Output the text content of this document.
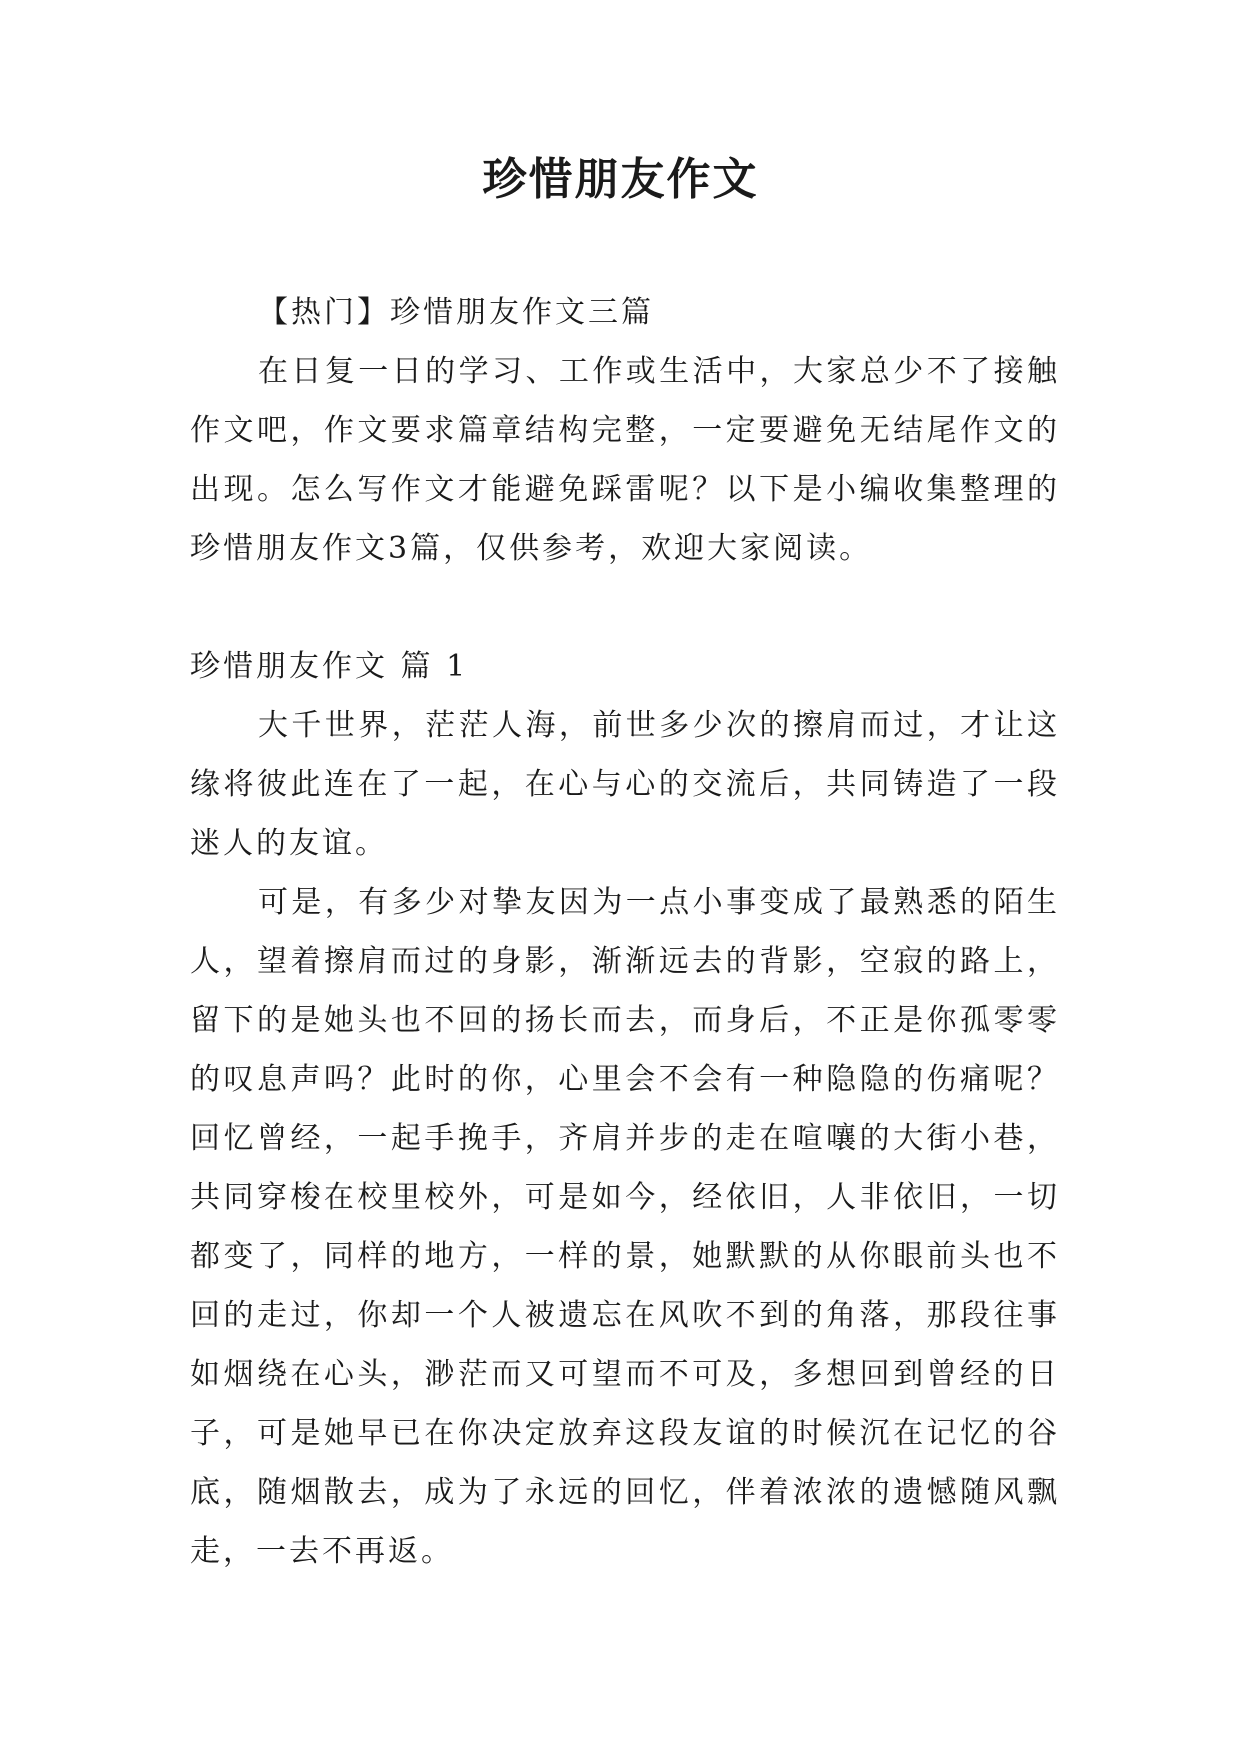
珍惜朋友作文

【热门】珍惜朋友作文三篇

在日复一日的学习、工作或生活中，大家总少不了接触作文吧，作文要求篇章结构完整，一定要避免无结尾作文的出现。怎么写作文才能避免踩雷呢？以下是小编收集整理的珍惜朋友作文3篇，仅供参考，欢迎大家阅读。

珍惜朋友作文 篇 1

大千世界，茫茫人海，前世多少次的擦肩而过，才让这缘将彼此连在了一起，在心与心的交流后，共同铸造了一段迷人的友谊。

可是，有多少对挚友因为一点小事变成了最熟悉的陌生人，望着擦肩而过的身影，渐渐远去的背影，空寂的路上，留下的是她头也不回的扬长而去，而身后，不正是你孤零零的叹息声吗？此时的你，心里会不会有一种隐隐的伤痛呢？回忆曾经，一起手挽手，齐肩并步的走在喧嚷的大街小巷，共同穿梭在校里校外，可是如今，经依旧，人非依旧，一切都变了，同样的地方，一样的景，她默默的从你眼前头也不回的走过，你却一个人被遗忘在风吹不到的角落，那段往事如烟绕在心头，渺茫而又可望而不可及，多想回到曾经的日子，可是她早已在你决定放弃这段友谊的时候沉在记忆的谷底，随烟散去，成为了永远的回忆，伴着浓浓的遗憾随风飘走，一去不再返。
